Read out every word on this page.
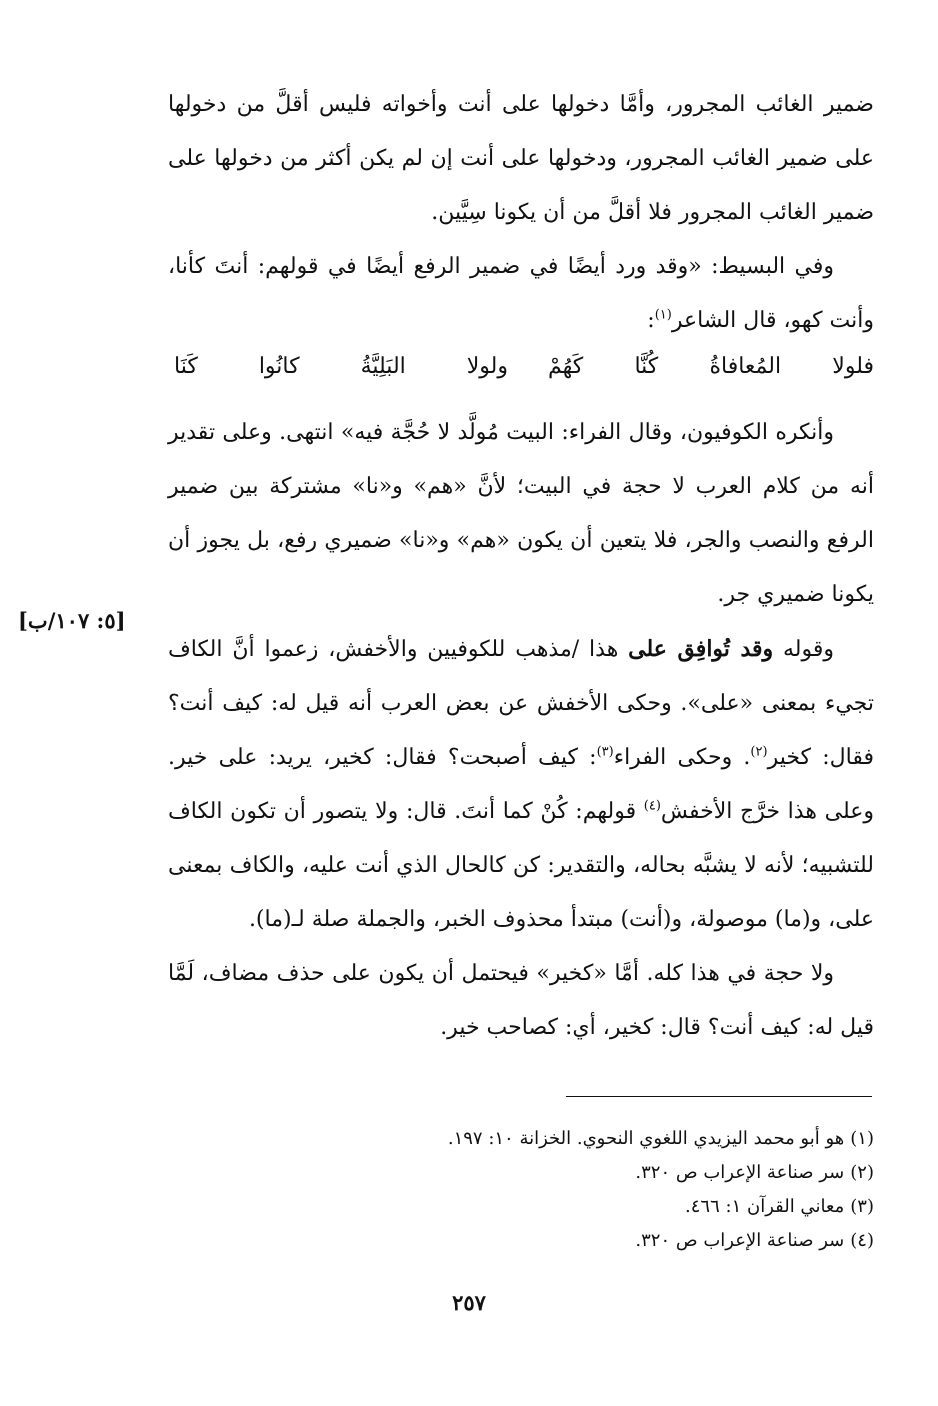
ضمير الغائب المجرور، وأمَّا دخولها على أنت وأخواته فليس أقلَّ من دخولها على ضمير الغائب المجرور، ودخولها على أنت إن لم يكن أكثر من دخولها على ضمير الغائب المجرور فلا أقلَّ من أن يكونا سِيَّين.

وفي البسيط: «وقد ورد أيضًا في ضمير الرفع أيضًا في قولهم: أنتَ كأنا، وأنت كهو، قال الشاعر$^{(١)}$:

فلولا المُعافاةُ كُنَّا كَهُمْ
ولولا البَلِيَّةُ كانُوا كَنَا

وأنكره الكوفيون، وقال الفراء: البيت مُولَّد لا حُجَّة فيه» انتهى. وعلى تقدير أنه من كلام العرب لا حجة في البيت؛ لأنَّ «هم» و«نا» مشتركة بين ضمير الرفع والنصب والجر، فلا يتعين أن يكون «هم» و«نا» ضميري رفع، بل يجوز أن يكونا ضميري جر.

وقوله وقد تُوافِق على هذا /مذهب للكوفيين والأخفش، زعموا أنَّ الكاف تجيء بمعنى «على». وحكى الأخفش عن بعض العرب أنه قيل له: كيف أنت؟ فقال: كخير$^{(٢)}$. وحكى الفراء$^{(٣)}$: كيف أصبحت؟ فقال: كخير، يريد: على خير. وعلى هذا خرَّج الأخفش$^{(٤)}$ قولهم: كُنْ كما أنتَ. قال: ولا يتصور أن تكون الكاف للتشبيه؛ لأنه لا يشبَّه بحاله، والتقدير: كن كالحال الذي أنت عليه، والكاف بمعنى على، و(ما) موصولة، و(أنت) مبتدأ محذوف الخبر، والجملة صلة لـ(ما).

ولا حجة في هذا كله. أمَّا «كخير» فيحتمل أن يكون على حذف مضاف، لَمَّا قيل له: كيف أنت؟ قال: كخير، أي: كصاحب خير.

[٥: ١٠٧/ب]

(١)هو أبو محمد اليزيدي اللغوي النحوي. الخزانة ١٠: ١٩٧.

(٢)سر صناعة الإعراب ص ٣٢٠.

(٣)معاني القرآن ١: ٤٦٦.

(٤)سر صناعة الإعراب ص ٣٢٠.

٢٥٧
